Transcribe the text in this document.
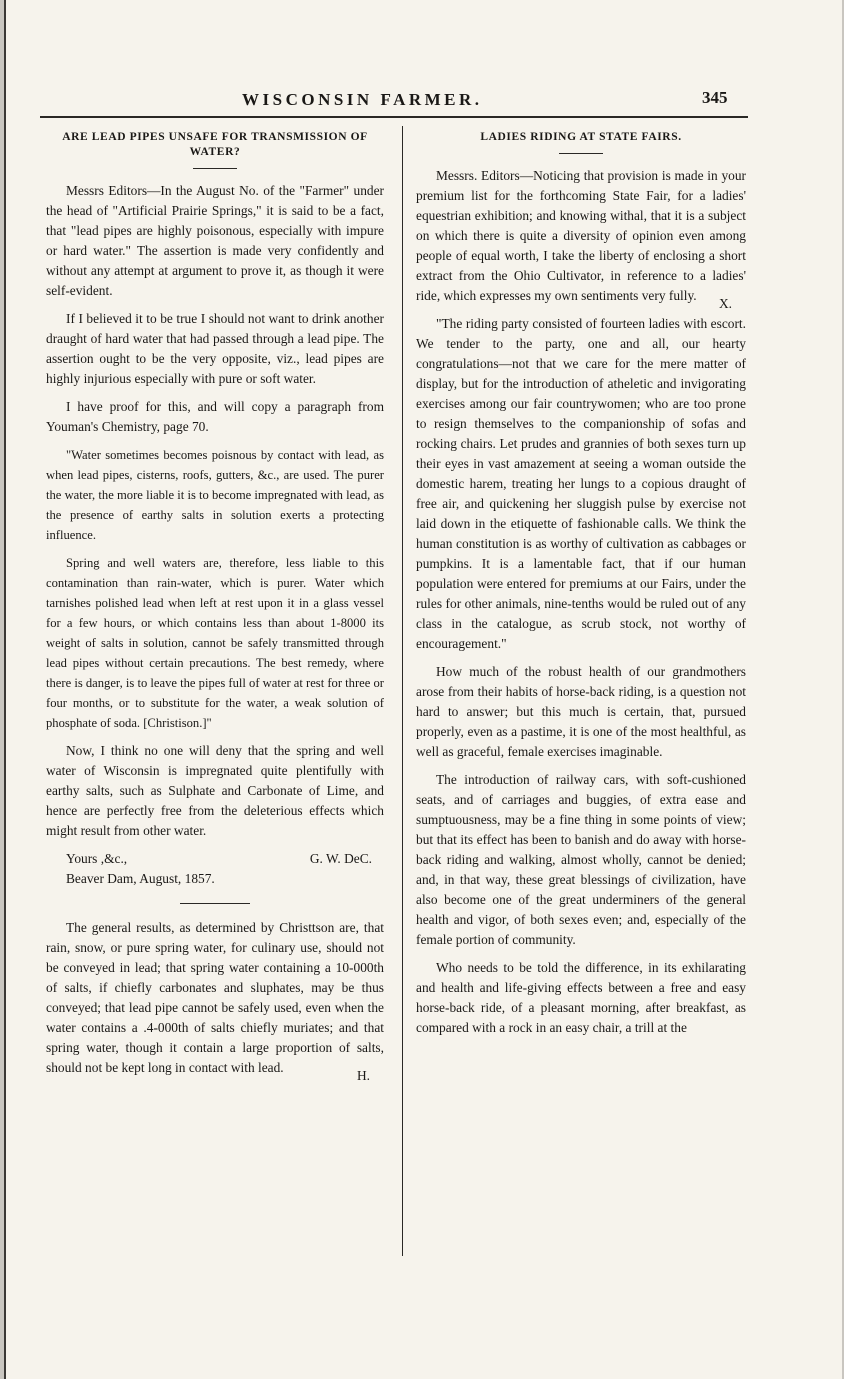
WISCONSIN FARMER.	345
ARE LEAD PIPES UNSAFE FOR TRANSMISSION OF WATER?

Messrs Editors—In the August No. of the "Farmer" under the head of "Artificial Prairie Springs," it is said to be a fact, that "lead pipes are highly poisonous, especially with impure or hard water." The assertion is made very confidently and without any attempt at argument to prove it, as though it were self-evident.

If I believed it to be true I should not want to drink another draught of hard water that had passed through a lead pipe. The assertion ought to be the very opposite, viz., lead pipes are highly injurious especially with pure or soft water.

I have proof for this, and will copy a paragraph from Youman's Chemistry, page 70.

"Water sometimes becomes poisnous by contact with lead, as when lead pipes, cisterns, roofs, gutters, &c., are used. The purer the water, the more liable it is to become impregnated with lead, as the presence of earthy salts in solution exerts a protecting influence.

Spring and well waters are, therefore, less liable to this contamination than rain-water, which is purer. Water which tarnishes polished lead when left at rest upon it in a glass vessel for a few hours, or which contains less than about 1-8000 its weight of salts in solution, cannot be safely transmitted through lead pipes without certain precautions. The best remedy, where there is danger, is to leave the pipes full of water at rest for three or four months, or to substitute for the water, a weak solution of phosphate of soda. [Christison.]"

Now, I think no one will deny that the spring and well water of Wisconsin is impregnated quite plentifully with earthy salts, such as Sulphate and Carbonate of Lime, and hence are perfectly free from the deleterious effects which might result from other water.

Yours ,&c.,	G. W. DeC.
Beaver Dam, August, 1857.

The general results, as determined by Christtson are, that rain, snow, or pure spring water, for culinary use, should not be conveyed in lead; that spring water containing a 10-000th of salts, if chiefly carbonates and sluphates, may be thus conveyed; that lead pipe cannot be safely used, even when the water contains a .4-000th of salts chiefly muriates; and that spring water, though it contain a large proportion of salts, should not be kept long in contact with lead.

H.
LADIES RIDING AT STATE FAIRS.

Messrs. Editors—Noticing that provision is made in your premium list for the forthcoming State Fair, for a ladies' equestrian exhibition; and knowing withal, that it is a subject on which there is quite a diversity of opinion even among people of equal worth, I take the liberty of enclosing a short extract from the Ohio Cultivator, in reference to a ladies' ride, which expresses my own sentiments very fully.

X.

"The riding party consisted of fourteen ladies with escort. We tender to the party, one and all, our hearty congratulations—not that we care for the mere matter of display, but for the introduction of atheletic and invigorating exercises among our fair countrywomen; who are too prone to resign themselves to the companionship of sofas and rocking chairs. Let prudes and grannies of both sexes turn up their eyes in vast amazement at seeing a woman outside the domestic harem, treating her lungs to a copious draught of free air, and quickening her sluggish pulse by exercise not laid down in the etiquette of fashionable calls. We think the human constitution is as worthy of cultivation as cabbages or pumpkins. It is a lamentable fact, that if our human population were entered for premiums at our Fairs, under the rules for other animals, nine-tenths would be ruled out of any class in the catalogue, as scrub stock, not worthy of encouragement."

How much of the robust health of our grandmothers arose from their habits of horse-back riding, is a question not hard to answer; but this much is certain, that, pursued properly, even as a pastime, it is one of the most healthful, as well as graceful, female exercises imaginable.

The introduction of railway cars, with soft-cushioned seats, and of carriages and buggies, of extra ease and sumptuousness, may be a fine thing in some points of view; but that its effect has been to banish and do away with horse-back riding and walking, almost wholly, cannot be denied; and, in that way, these great blessings of civilization, have also become one of the great underminers of the general health and vigor, of both sexes even; and, especially of the female portion of community.

Who needs to be told the difference, in its exhilarating and health and life-giving effects between a free and easy horse-back ride, of a pleasant morning, after breakfast, as compared with a rock in an easy chair, a trill at the
